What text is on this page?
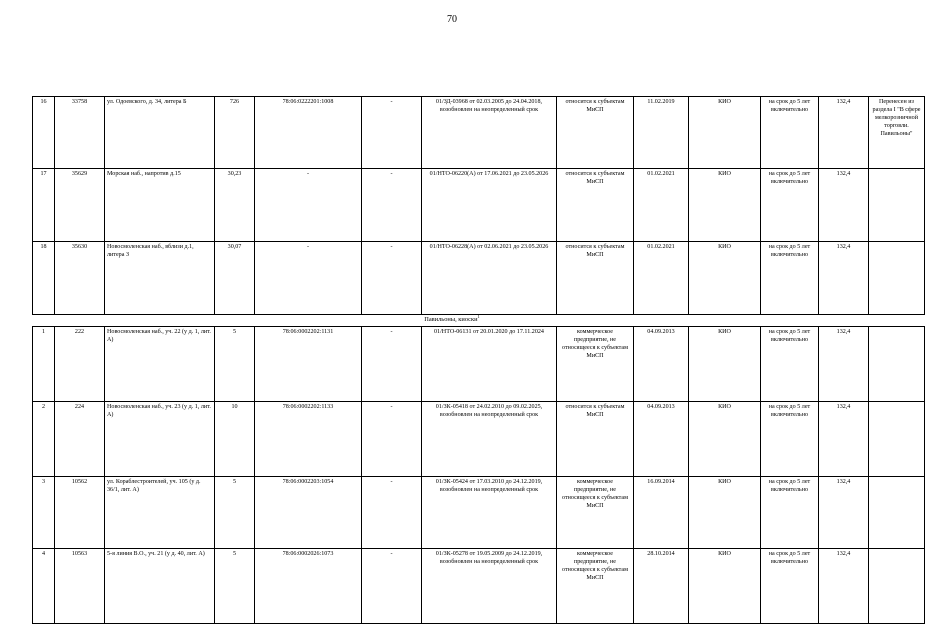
70
16	33758	ул. Одоевского, д. 34, литера Б	726	78:06:0222201:1008	-	01/ЗД-03968 от 02.03.2005 до 24.04.2018, возобновлен на неопределенный срок	относится к субъектам МиСП	11.02.2019	КИО	на срок до 5 лет включительно	132,4	Перенесен из раздела I "В сфере мелкорозничной торговли. Павильоны"
17	35629	Морская наб., напротив д.15	30,23	-	-	01/НТО-06220(А) от 17.06.2021 до 23.05.2026	относится к субъектам МиСП	01.02.2021	КИО	на срок до 5 лет включительно	132,4	
18	35630	Новосмоленская наб., вблизи д.1, литера З	30,07	-	-	01/НТО-06228(А) от 02.06.2021 до 23.05.2026	относится к субъектам МиСП	01.02.2021	КИО	на срок до 5 лет включительно	132,4	
Павильоны, киоски$^1$
1	222	Новосмоленская наб., уч. 22 (у д. 1, лит. А)	5	78:06:0002202:1131	-	01/НТО-06131 от 20.01.2020 до 17.11.2024	коммерческое предприятие, не относящееся к субъектам МиСП	04.09.2013	КИО	на срок до 5 лет включительно	132,4	
2	224	Новосмоленская наб., уч. 23 (у д. 1, лит. А)	10	78:06:0002202:1133	-	01/ЗК-05418 от 24.02.2010 до 09.02.2025, возобновлен на неопределенный срок	относится к субъектам МиСП	04.09.2013	КИО	на срок до 5 лет включительно	132,4	
3	10562	ул. Кораблестроителей, уч. 105 (у д. 36/1, лит. А)	5	78:06:0002203:1054	-	01/ЗК-05424 от 17.03.2010 до 24.12.2019, возобновлен на неопределенный срок	коммерческое предприятие, не относящееся к субъектам МиСП	16.09.2014	КИО	на срок до 5 лет включительно	132,4	
4	10563	5-я линия В.О., уч. 21 (у д. 40, лит. А)	5	78:06:0002026:1073	-	01/ЗК-05278 от 19.05.2009 до 24.12.2019, возобновлен на неопределенный срок	коммерческое предприятие, не относящееся к субъектам МиСП	28.10.2014	КИО	на срок до 5 лет включительно	132,4	
